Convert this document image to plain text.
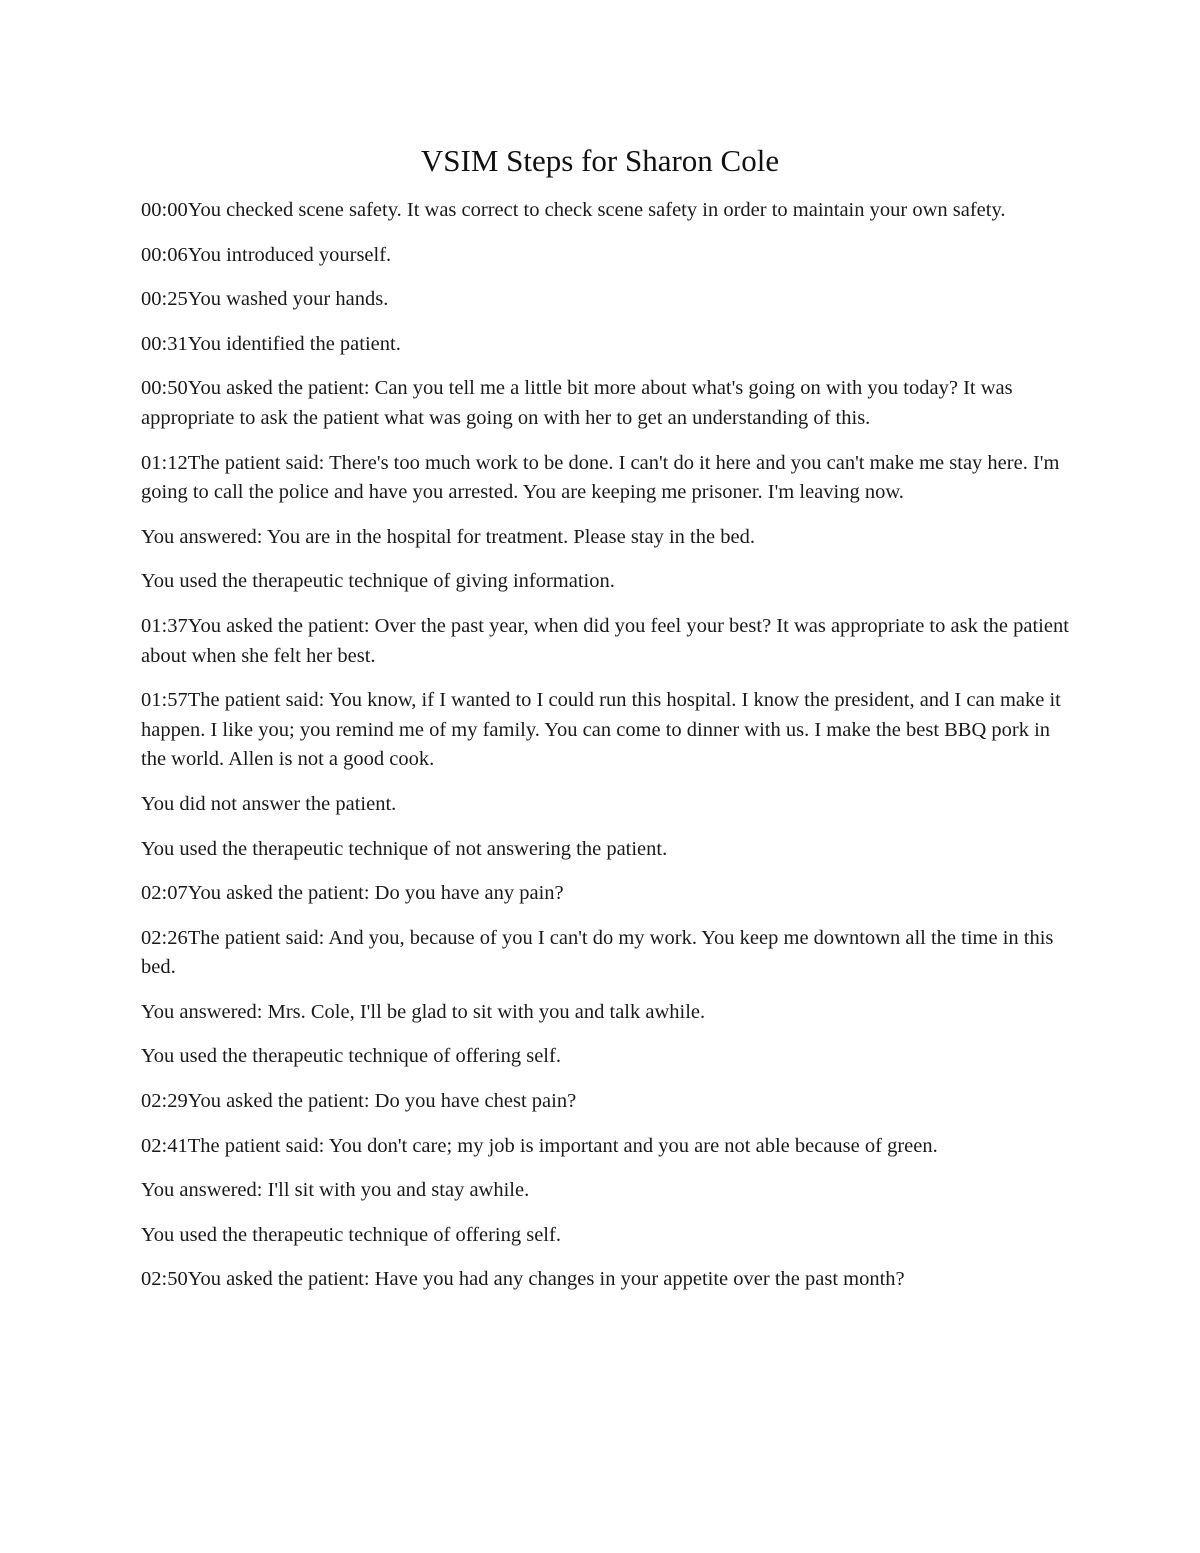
VSIM Steps for Sharon Cole

00:00You checked scene safety. It was correct to check scene safety in order to maintain your own safety.

00:06You introduced yourself.

00:25You washed your hands.

00:31You identified the patient.

00:50You asked the patient: Can you tell me a little bit more about what's going on with you today? It was appropriate to ask the patient what was going on with her to get an understanding of this.

01:12The patient said: There's too much work to be done. I can't do it here and you can't make me stay here. I'm going to call the police and have you arrested. You are keeping me prisoner. I'm leaving now.

You answered: You are in the hospital for treatment. Please stay in the bed.

You used the therapeutic technique of giving information.

01:37You asked the patient: Over the past year, when did you feel your best? It was appropriate to ask the patient about when she felt her best.

01:57The patient said: You know, if I wanted to I could run this hospital. I know the president, and I can make it happen. I like you; you remind me of my family. You can come to dinner with us. I make the best BBQ pork in the world. Allen is not a good cook.

You did not answer the patient.

You used the therapeutic technique of not answering the patient.

02:07You asked the patient: Do you have any pain?

02:26The patient said: And you, because of you I can't do my work. You keep me downtown all the time in this bed.

You answered: Mrs. Cole, I'll be glad to sit with you and talk awhile.

You used the therapeutic technique of offering self.

02:29You asked the patient: Do you have chest pain?

02:41The patient said: You don't care; my job is important and you are not able because of green.

You answered: I'll sit with you and stay awhile.

You used the therapeutic technique of offering self.

02:50You asked the patient: Have you had any changes in your appetite over the past month?
